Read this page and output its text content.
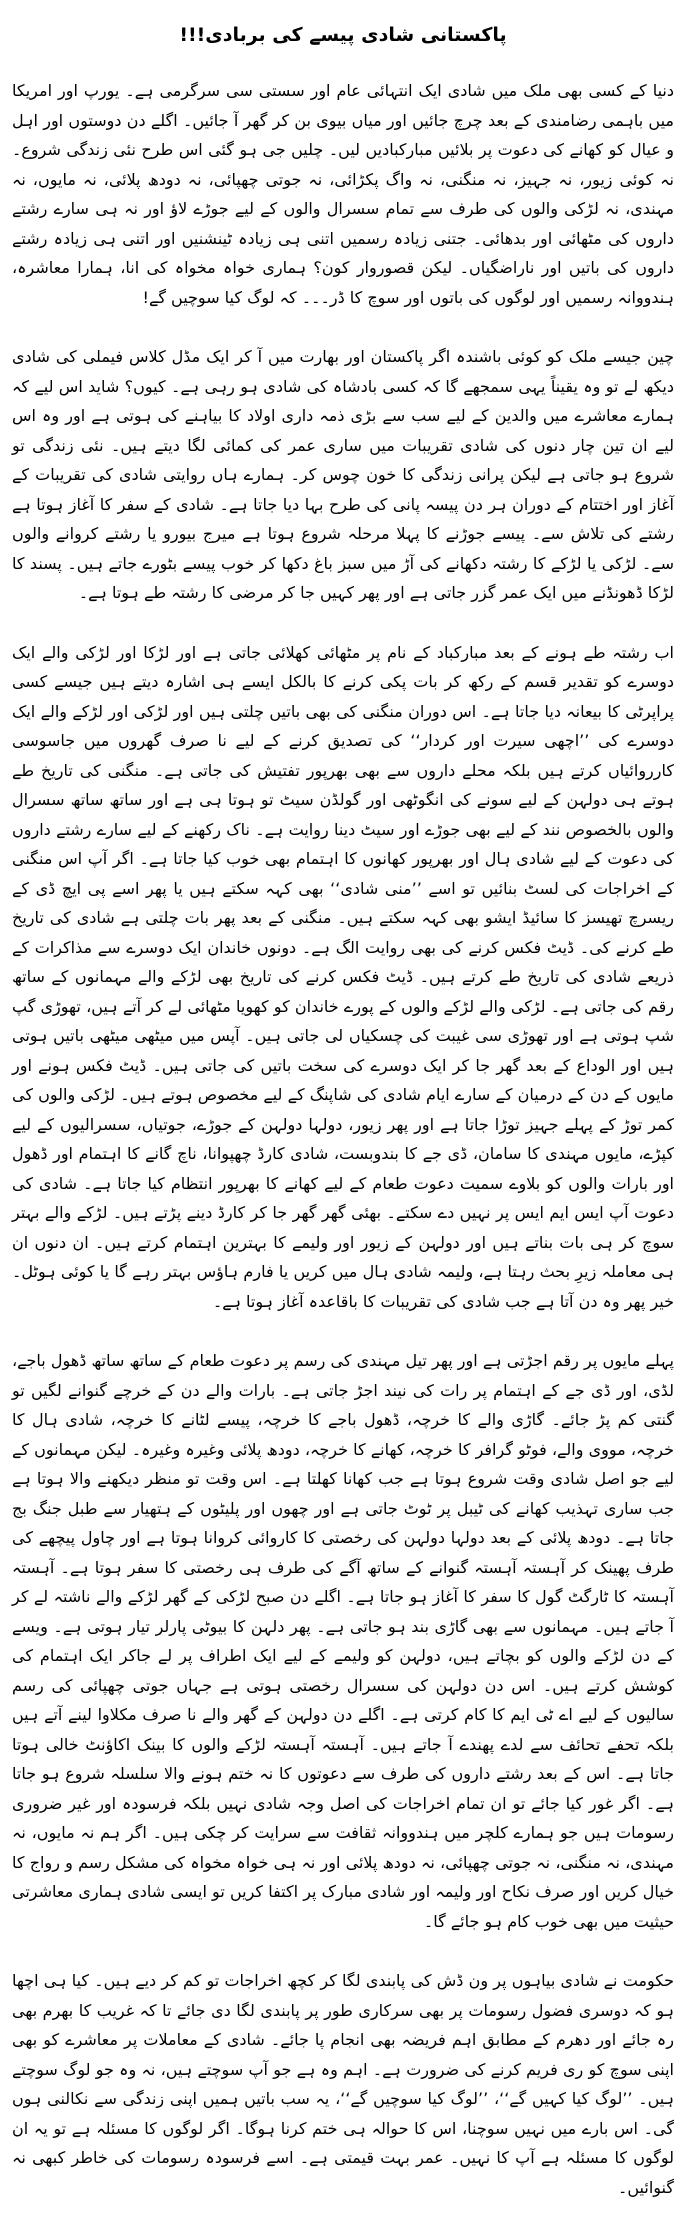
پاکستانی شادی پیسے کی بربادی!!!

دنیا کے کسی بھی ملک میں شادی ایک انتہائی عام اور سستی سی سرگرمی ہے۔ یورپ اور امریکا میں باہمی رضامندی کے بعد چرچ جائیں اور میاں بیوی بن کر گھر آ جائیں۔ اگلے دن دوستوں اور اہل و عیال کو کھانے کی دعوت پر بلائیں مبارکبادیں لیں۔ چلیں جی ہو گئی اس طرح نئی زندگی شروع۔ نہ کوئی زیور، نہ جہیز، نہ منگنی، نہ واگ پکڑائی، نہ جوتی چھپائی، نہ دودھ پلائی، نہ مایوں، نہ مہندی، نہ لڑکی والوں کی طرف سے تمام سسرال والوں کے لیے جوڑے لاؤ اور نہ ہی سارے رشتے داروں کی مٹھائی اور بدھائی۔ جتنی زیادہ رسمیں اتنی ہی زیادہ ٹینشنیں اور اتنی ہی زیادہ رشتے داروں کی باتیں اور ناراضگیاں۔ لیکن قصوروار کون؟ ہماری خواہ مخواہ کی انا، ہمارا معاشرہ، ہندووانہ رسمیں اور لوگوں کی باتوں اور سوچ کا ڈر۔۔۔ کہ لوگ کیا سوچیں گے!

چین جیسے ملک کو کوئی باشندہ اگر پاکستان اور بھارت میں آ کر ایک مڈل کلاس فیملی کی شادی دیکھ لے تو وہ یقیناً یہی سمجھے گا کہ کسی بادشاہ کی شادی ہو رہی ہے۔ کیوں؟ شاید اس لیے کہ ہمارے معاشرے میں والدین کے لیے سب سے بڑی ذمہ داری اولاد کا بیاہنے کی ہوتی ہے اور وہ اس لیے ان تین چار دنوں کی شادی تقریبات میں ساری عمر کی کمائی لگا دیتے ہیں۔ نئی زندگی تو شروع ہو جاتی ہے لیکن پرانی زندگی کا خون چوس کر۔ ہمارے ہاں روایتی شادی کی تقریبات کے آغاز اور اختتام کے دوران ہر دن پیسہ پانی کی طرح بہا دیا جاتا ہے۔ شادی کے سفر کا آغاز ہوتا ہے رشتے کی تلاش سے۔ پیسے جوڑنے کا پہلا مرحلہ شروع ہوتا ہے میرج بیورو یا رشتے کروانے والوں سے۔ لڑکی یا لڑکے کا رشتہ دکھانے کی آڑ میں سبز باغ دکھا کر خوب پیسے بٹورے جاتے ہیں۔ پسند کا لڑکا ڈھونڈنے میں ایک عمر گزر جاتی ہے اور پھر کہیں جا کر مرضی کا رشتہ طے ہوتا ہے۔

اب رشتہ طے ہونے کے بعد مبارکباد کے نام پر مٹھائی کھلائی جاتی ہے اور لڑکا اور لڑکی والے ایک دوسرے کو تقدیر قسم کے رکھ کر بات پکی کرنے کا بالکل ایسے ہی اشارہ دیتے ہیں جیسے کسی پراپرٹی کا بیعانہ دیا جاتا ہے۔ اس دوران منگنی کی بھی باتیں چلتی ہیں اور لڑکی اور لڑکے والے ایک دوسرے کی ’’اچھی سیرت اور کردار‘‘ کی تصدیق کرنے کے لیے نا صرف گھروں میں جاسوسی کارروائیاں کرتے ہیں بلکہ محلے داروں سے بھی بھرپور تفتیش کی جاتی ہے۔ منگنی کی تاریخ طے ہوتے ہی دولہن کے لیے سونے کی انگوٹھی اور گولڈن سیٹ تو ہوتا ہی ہے اور ساتھ ساتھ سسرال والوں بالخصوص نند کے لیے بھی جوڑے اور سیٹ دینا روایت ہے۔ ناک رکھنے کے لیے سارے رشتے داروں کی دعوت کے لیے شادی ہال اور بھرپور کھانوں کا اہتمام بھی خوب کیا جاتا ہے۔ اگر آپ اس منگنی کے اخراجات کی لسٹ بنائیں تو اسے ’’منی شادی‘‘ بھی کہہ سکتے ہیں یا پھر اسے پی ایچ ڈی کے ریسرچ تھیسز کا سائیڈ ایشو بھی کہہ سکتے ہیں۔ منگنی کے بعد پھر بات چلتی ہے شادی کی تاریخ طے کرنے کی۔ ڈیٹ فکس کرنے کی بھی روایت الگ ہے۔ دونوں خاندان ایک دوسرے سے مذاکرات کے ذریعے شادی کی تاریخ طے کرتے ہیں۔ ڈیٹ فکس کرنے کی تاریخ بھی لڑکے والے مہمانوں کے ساتھ رقم کی جاتی ہے۔ لڑکی والے لڑکے والوں کے پورے خاندان کو کھویا مٹھائی لے کر آتے ہیں، تھوڑی گپ شپ ہوتی ہے اور تھوڑی سی غیبت کی چسکیاں لی جاتی ہیں۔ آپس میں میٹھی میٹھی باتیں ہوتی ہیں اور الوداع کے بعد گھر جا کر ایک دوسرے کی سخت باتیں کی جاتی ہیں۔ ڈیٹ فکس ہونے اور مایوں کے دن کے درمیان کے سارے ایام شادی کی شاپنگ کے لیے مخصوص ہوتے ہیں۔ لڑکی والوں کی کمر توڑ کے پہلے جہیز توڑا جاتا ہے اور پھر زیور، دولہا دولہن کے جوڑے، جوتیاں، سسرالیوں کے لیے کپڑے، مایوں مہندی کا سامان، ڈی جے کا بندوبست، شادی کارڈ چھپوانا، ناچ گانے کا اہتمام اور ڈھول اور بارات والوں کو بلاوے سمیت دعوت طعام کے لیے کھانے کا بھرپور انتظام کیا جاتا ہے۔ شادی کی دعوت آپ ایس ایم ایس پر نہیں دے سکتے۔ بھئی گھر گھر جا کر کارڈ دینے پڑتے ہیں۔ لڑکے والے بہتر سوچ کر ہی بات بناتے ہیں اور دولہن کے زیور اور ولیمے کا بہترین اہتمام کرتے ہیں۔ ان دنوں ان ہی معاملہ زیرِ بحث رہتا ہے، ولیمہ شادی ہال میں کریں یا فارم ہاؤس بہتر رہے گا یا کوئی ہوٹل۔ خیر پھر وہ دن آتا ہے جب شادی کی تقریبات کا باقاعدہ آغاز ہوتا ہے۔

پہلے مایوں پر رقم اجڑتی ہے اور پھر تیل مہندی کی رسم پر دعوت طعام کے ساتھ ساتھ ڈھول باجے، لڈی، اور ڈی جے کے اہتمام پر رات کی نیند اجڑ جاتی ہے۔ بارات والے دن کے خرچے گنوانے لگیں تو گنتی کم پڑ جائے۔ گاڑی والے کا خرچہ، ڈھول باجے کا خرچہ، پیسے لٹانے کا خرچہ، شادی ہال کا خرچہ، مووی والے، فوٹو گرافر کا خرچہ، کھانے کا خرچہ، دودھ پلائی وغیرہ وغیرہ۔ لیکن مہمانوں کے لیے جو اصل شادی وقت شروع ہوتا ہے جب کھانا کھلتا ہے۔ اس وقت تو منظر دیکھنے والا ہوتا ہے جب ساری تہذیب کھانے کی ٹیبل پر ٹوٹ جاتی ہے اور چھوں اور پلیٹوں کے ہتھیار سے طبل جنگ بج جاتا ہے۔ دودھ پلائی کے بعد دولہا دولہن کی رخصتی کا کاروائی کروانا ہوتا ہے اور چاول پیچھے کی طرف پھینک کر آہستہ آہستہ گنوانے کے ساتھ آگے کی طرف ہی رخصتی کا سفر ہوتا ہے۔ آہستہ آہستہ کا ٹارگٹ گول کا سفر کا آغاز ہو جاتا ہے۔ اگلے دن صبح لڑکی کے گھر لڑکے والے ناشتہ لے کر آ جاتے ہیں۔ مہمانوں سے بھی گاڑی بند ہو جاتی ہے۔ پھر دلہن کا بیوٹی پارلر تیار ہوتی ہے۔ ویسے کے دن لڑکے والوں کو بچاتے ہیں، دولہن کو ولیمے کے لیے ایک اطراف پر لے جاکر ایک اہتمام کی کوشش کرتے ہیں۔ اس دن دولہن کی سسرال رخصتی ہوتی ہے جہاں جوتی چھپائی کی رسم سالیوں کے لیے اے ٹی ایم کا کام کرتی ہے۔ اگلے دن دولہن کے گھر والے نا صرف مکلاوا لینے آتے ہیں بلکہ تحفے تحائف سے لدے پھندے آ جاتے ہیں۔ آہستہ آہستہ لڑکے والوں کا بینک اکاؤنٹ خالی ہوتا جاتا ہے۔ اس کے بعد رشتے داروں کی طرف سے دعوتوں کا نہ ختم ہونے والا سلسلہ شروع ہو جاتا ہے۔ اگر غور کیا جائے تو ان تمام اخراجات کی اصل وجہ شادی نہیں بلکہ فرسودہ اور غیر ضروری رسومات ہیں جو ہمارے کلچر میں ہندووانہ ثقافت سے سرایت کر چکی ہیں۔ اگر ہم نہ مایوں، نہ مہندی، نہ منگنی، نہ جوتی چھپائی، نہ دودھ پلائی اور نہ ہی خواہ مخواہ کی مشکل رسم و رواج کا خیال کریں اور صرف نکاح اور ولیمہ اور شادی مبارک پر اکتفا کریں تو ایسی شادی ہماری معاشرتی حیثیت میں بھی خوب کام ہو جائے گا۔

حکومت نے شادی بیاہوں پر ون ڈش کی پابندی لگا کر کچھ اخراجات تو کم کر دیے ہیں۔ کیا ہی اچھا ہو کہ دوسری فضول رسومات پر بھی سرکاری طور پر پابندی لگا دی جائے تا کہ غریب کا بھرم بھی رہ جائے اور دھرم کے مطابق اہم فریضہ بھی انجام پا جائے۔ شادی کے معاملات پر معاشرے کو بھی اپنی سوچ کو ری فریم کرنے کی ضرورت ہے۔ اہم وہ ہے جو آپ سوچتے ہیں، نہ وہ جو لوگ سوچتے ہیں۔ ’’لوگ کیا کہیں گے‘‘، ’’لوگ کیا سوچیں گے‘‘، یہ سب باتیں ہمیں اپنی زندگی سے نکالنی ہوں گی۔ اس بارے میں نہیں سوچنا، اس کا حوالہ ہی ختم کرنا ہوگا۔ اگر لوگوں کا مسئلہ ہے تو یہ ان لوگوں کا مسئلہ ہے آپ کا نہیں۔ عمر بہت قیمتی ہے۔ اسے فرسودہ رسومات کی خاطر کبھی نہ گنوائیں۔
